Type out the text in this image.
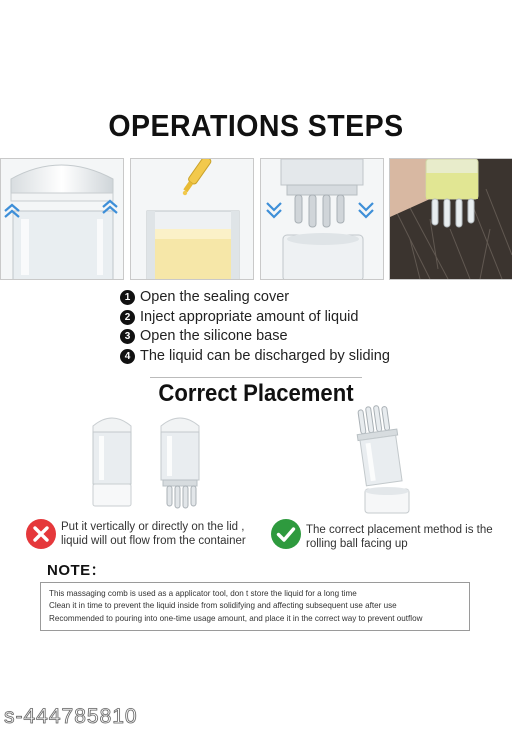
OPERATIONS STEPS
1 Open the sealing cover
2 Inject appropriate amount of liquid
3 Open the silicone base
4 The liquid can be discharged by sliding
Correct Placement
Put it vertically or directly on the lid ,
liquid will out flow from the container
The correct placement method is the
rolling ball facing up
NOTE：
This massaging comb is used as a applicator tool, don t store the liquid for a long time
Clean it in time to prevent the liquid inside from solidifying and affecting subsequent use after use
Recommended to pouring into one-time usage amount, and place it in the correct way to prevent outflow
s-444785810
